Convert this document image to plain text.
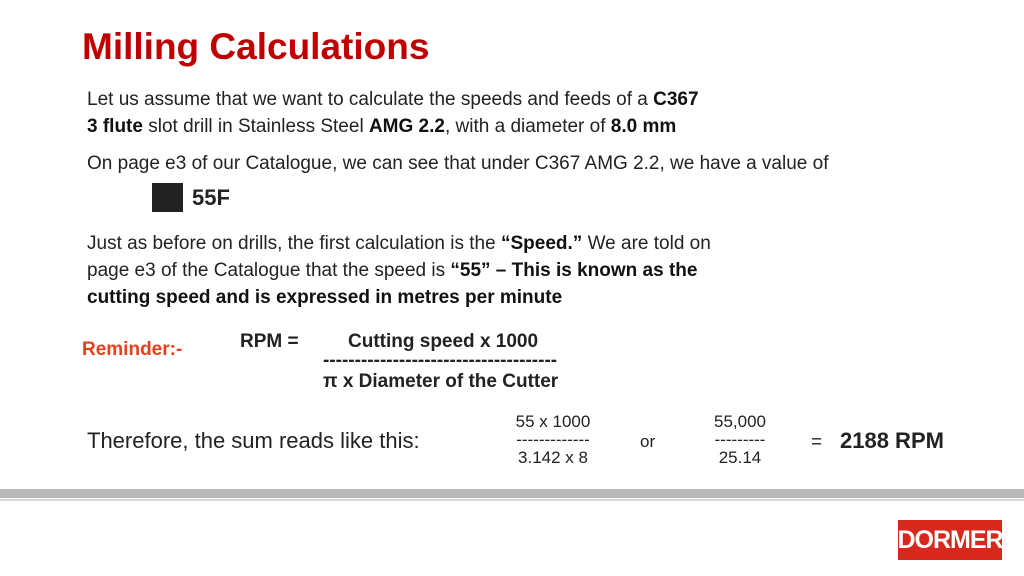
Milling Calculations
Let us assume that we want to calculate the speeds and feeds of a C367
3 flute slot drill in Stainless Steel AMG 2.2, with a diameter of 8.0 mm
On page e3 of our Catalogue, we can see that under C367 AMG 2.2, we have a value of
55F
Just as before on drills, the first calculation is the “Speed.” We are told on
page e3 of the Catalogue that the speed is “55” – This is known as the
cutting speed and is expressed in metres per minute
Reminder:-	RPM =	Cutting speed x 1000
-------------------------------------
π x Diameter of the Cutter
Therefore, the sum reads like this:
55 x 1000
-------------
3.142 x 8
or
55,000
---------
25.14
= 2188 RPM
DORMER
